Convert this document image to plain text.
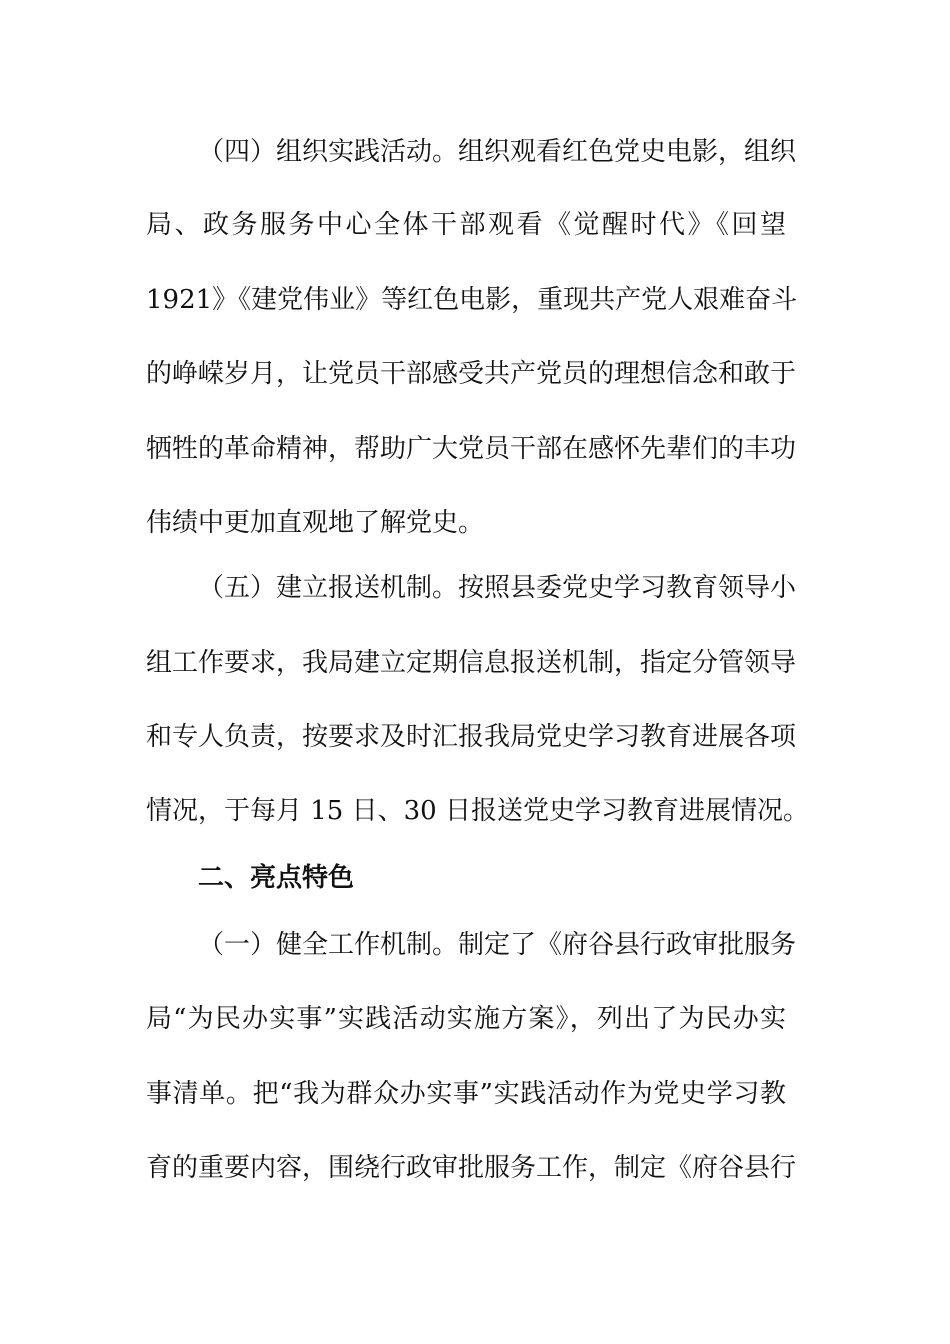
（四）组织实践活动。组织观看红色党史电影，组织

局、政务服务中心全体干部观看《觉醒时代》《回望

1921》《建党伟业》等红色电影，重现共产党人艰难奋斗

的峥嵘岁月，让党员干部感受共产党员的理想信念和敢于

牺牲的革命精神，帮助广大党员干部在感怀先辈们的丰功

伟绩中更加直观地了解党史。

（五）建立报送机制。按照县委党史学习教育领导小

组工作要求，我局建立定期信息报送机制，指定分管领导

和专人负责，按要求及时汇报我局党史学习教育进展各项

情况，于每月 15 日、30 日报送党史学习教育进展情况。

二、亮点特色

（一）健全工作机制。制定了《府谷县行政审批服务

局“为民办实事”实践活动实施方案》，列出了为民办实

事清单。把“我为群众办实事”实践活动作为党史学习教

育的重要内容，围绕行政审批服务工作，制定《府谷县行
